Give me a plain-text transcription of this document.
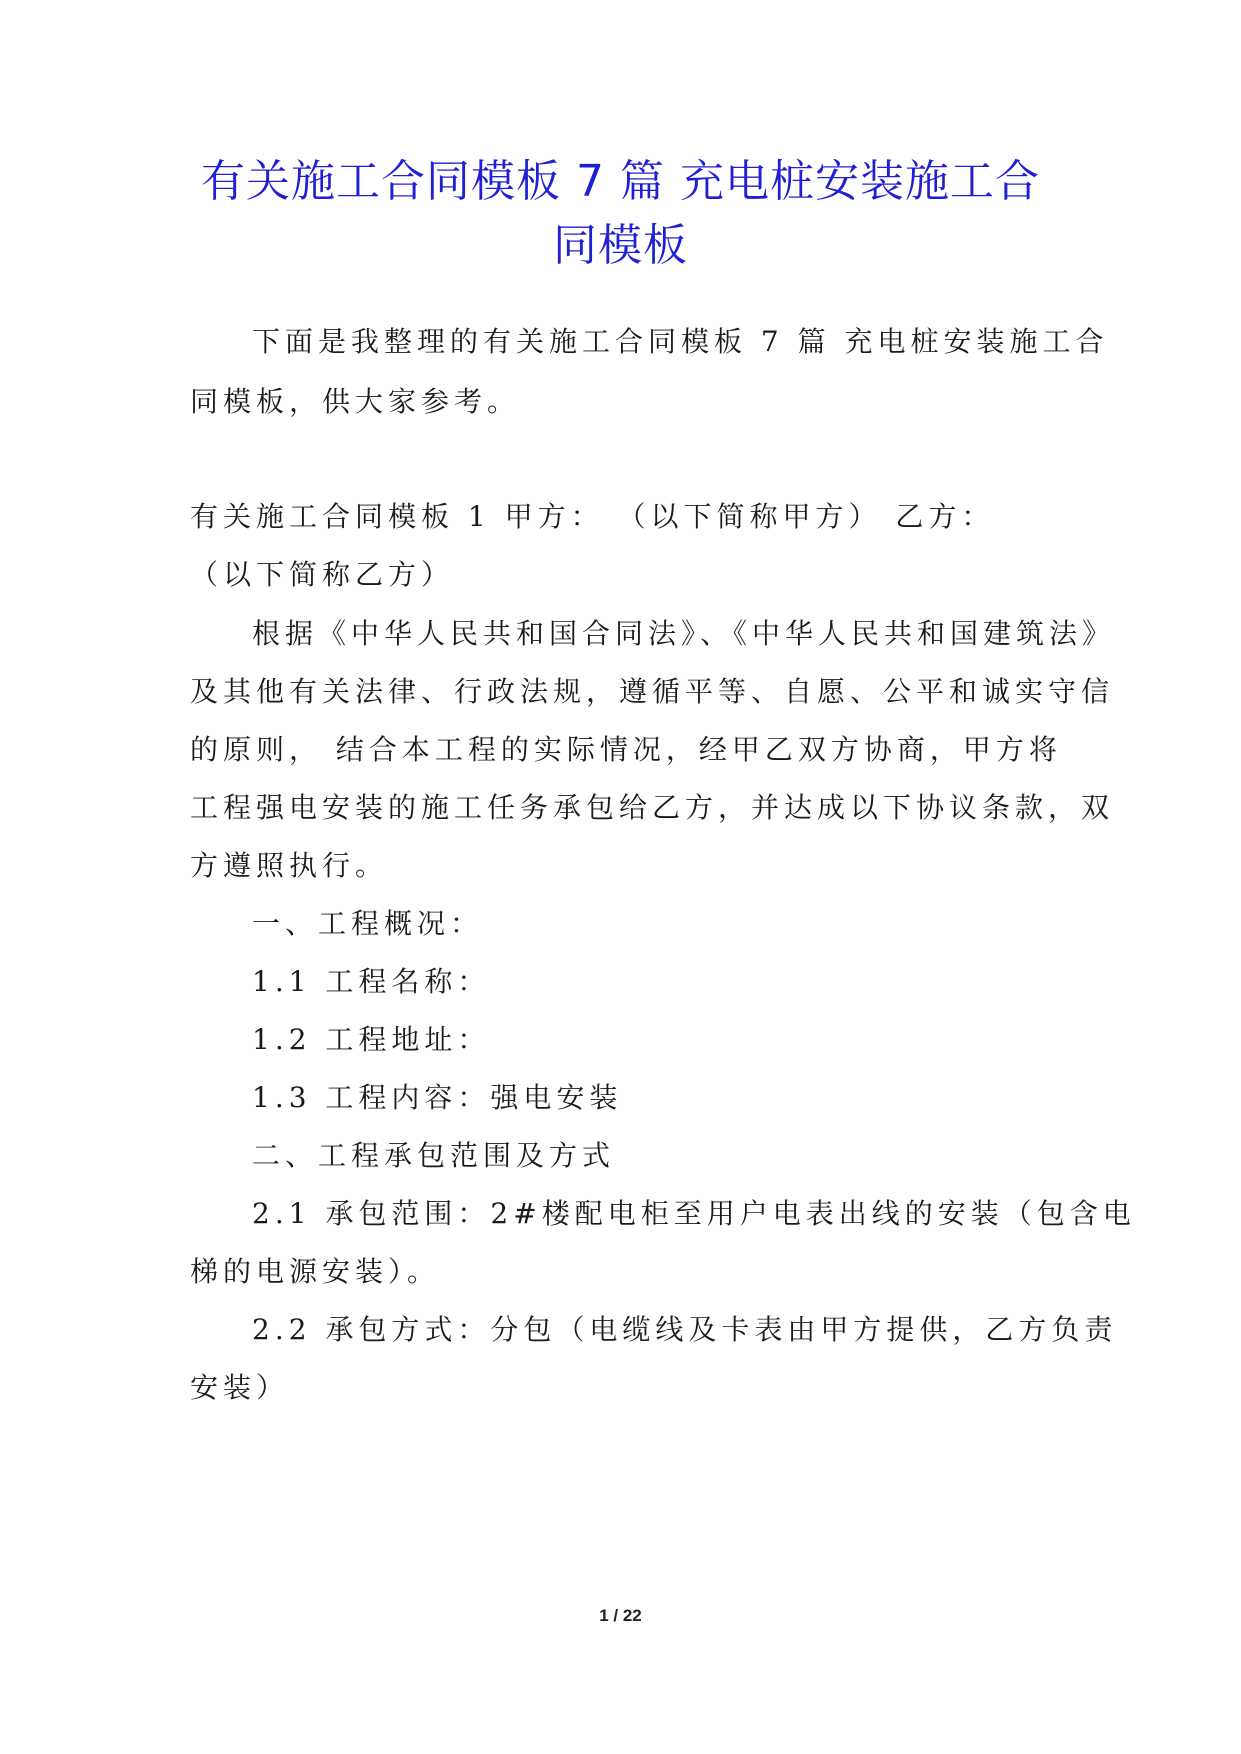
有关施工合同模板 7 篇 充电桩安装施工合
同模板
下面是我整理的有关施工合同模板 7 篇 充电桩安装施工合
同模板，供大家参考。
有关施工合同模板 1 甲方： （以下简称甲方） 乙方：
（以下简称乙方）
根据《中华人民共和国合同法》、《中华人民共和国建筑法》
及其他有关法律、行政法规，遵循平等、自愿、公平和诚实守信
的原则， 结合本工程的实际情况，经甲乙双方协商，甲方将
工程强电安装的施工任务承包给乙方，并达成以下协议条款，双
方遵照执行。
一、工程概况：
1.1 工程名称：
1.2 工程地址：
1.3 工程内容：强电安装
二、工程承包范围及方式
2.1 承包范围：2#楼配电柜至用户电表出线的安装（包含电
梯的电源安装）。
2.2 承包方式：分包（电缆线及卡表由甲方提供，乙方负责
安装）
1 / 22
